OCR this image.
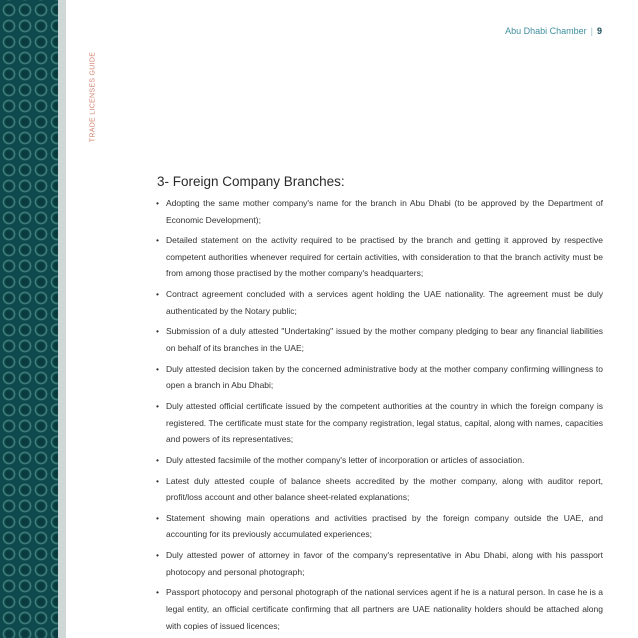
TRADE LICENSES GUIDE
Abu Dhabi Chamber | 9
3- Foreign Company Branches:
• Adopting the same mother company's name for the branch in Abu Dhabi (to be approved by the Department of Economic Development);
• Detailed statement on the activity required to be practised by the branch and getting it approved by respective competent authorities whenever required for certain activities, with consideration to that the branch activity must be from among those practised by the mother company's headquarters;
• Contract agreement concluded with a services agent holding the UAE nationality. The agreement must be duly authenticated by the Notary public;
• Submission of a duly attested "Undertaking" issued by the mother company pledging to bear any financial liabilities on behalf of its branches in the UAE;
• Duly attested decision taken by the concerned administrative body at the mother company confirming willingness to open a branch in Abu Dhabi;
• Duly attested official certificate issued by the competent authorities at the country in which the foreign company is registered. The certificate must state for the company registration, legal status, capital, along with names, capacities and powers of its representatives;
• Duly attested facsimile of the mother company's letter of incorporation or articles of association.
• Latest duly attested couple of balance sheets accredited by the mother company, along with auditor report, profit/loss account and other balance sheet-related explanations;
• Statement showing main operations and activities practised by the foreign company outside the UAE, and accounting for its previously accumulated experiences;
• Duly attested power of attorney in favor of the company's representative in Abu Dhabi, along with his passport photocopy and personal photograph;
• Passport photocopy and personal photograph of the national services agent if he is a natural person. In case he is a legal entity, an official certificate confirming that all partners are UAE nationality holders should be attached along with copies of issued licences;
